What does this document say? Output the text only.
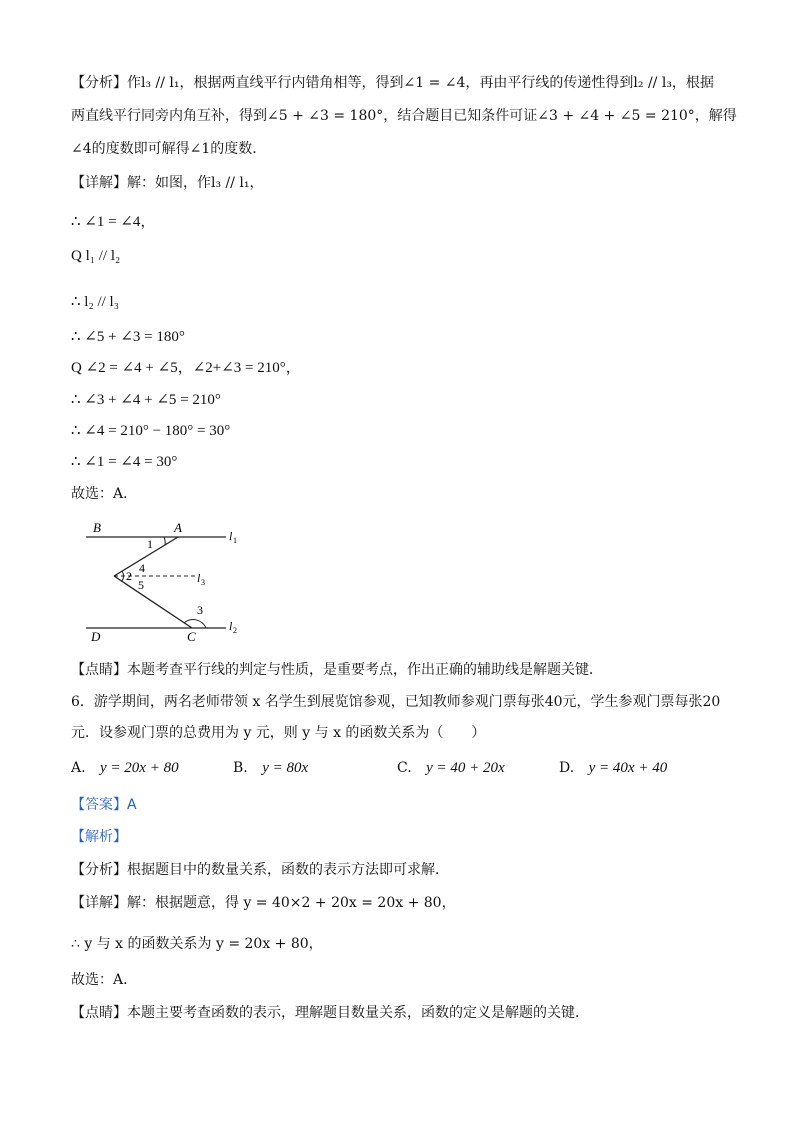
【分析】作l₃ // l₁，根据两直线平行内错角相等，得到∠1 = ∠4，再由平行线的传递性得到l₂ // l₃，根据
两直线平行同旁内角互补，得到∠5 + ∠3 = 180°，结合题目已知条件可证∠3 + ∠4 + ∠5 = 210°，解得
∠4的度数即可解得∠1的度数．
【详解】解：如图，作l₃ // l₁，
∴ ∠1 = ∠4，
Q l₁ // l₂
∴ l₂ // l₃
∴ ∠5 + ∠3 = 180°
Q ∠2 = ∠4 + ∠5，∠2+∠3 = 210°，
∴ ∠3 + ∠4 + ∠5 = 210°
∴ ∠4 = 210° − 180° = 30°
∴ ∠1 = ∠4 = 30°
故选：A．
B	A
D	C
l 1
l 2
l 3
1
2
3
4
5
【点睛】本题考查平行线的判定与性质，是重要考点，作出正确的辅助线是解题关键．
6．游学期间，两名老师带领 x 名学生到展览馆参观，已知教师参观门票每张40元，学生参观门票每张20
元．设参观门票的总费用为 y 元，则 y 与 x 的函数关系为（　　）
A. y = 20x + 80	B. y = 80x	C. y = 40 + 20x	D. y = 40x + 40
【答案】A
【解析】
【分析】根据题目中的数量关系，函数的表示方法即可求解．
【详解】解：根据题意，得 y = 40×2 + 20x = 20x + 80，
∴ y 与 x 的函数关系为 y = 20x + 80，
故选：A．
【点睛】本题主要考查函数的表示，理解题目数量关系，函数的定义是解题的关键．
